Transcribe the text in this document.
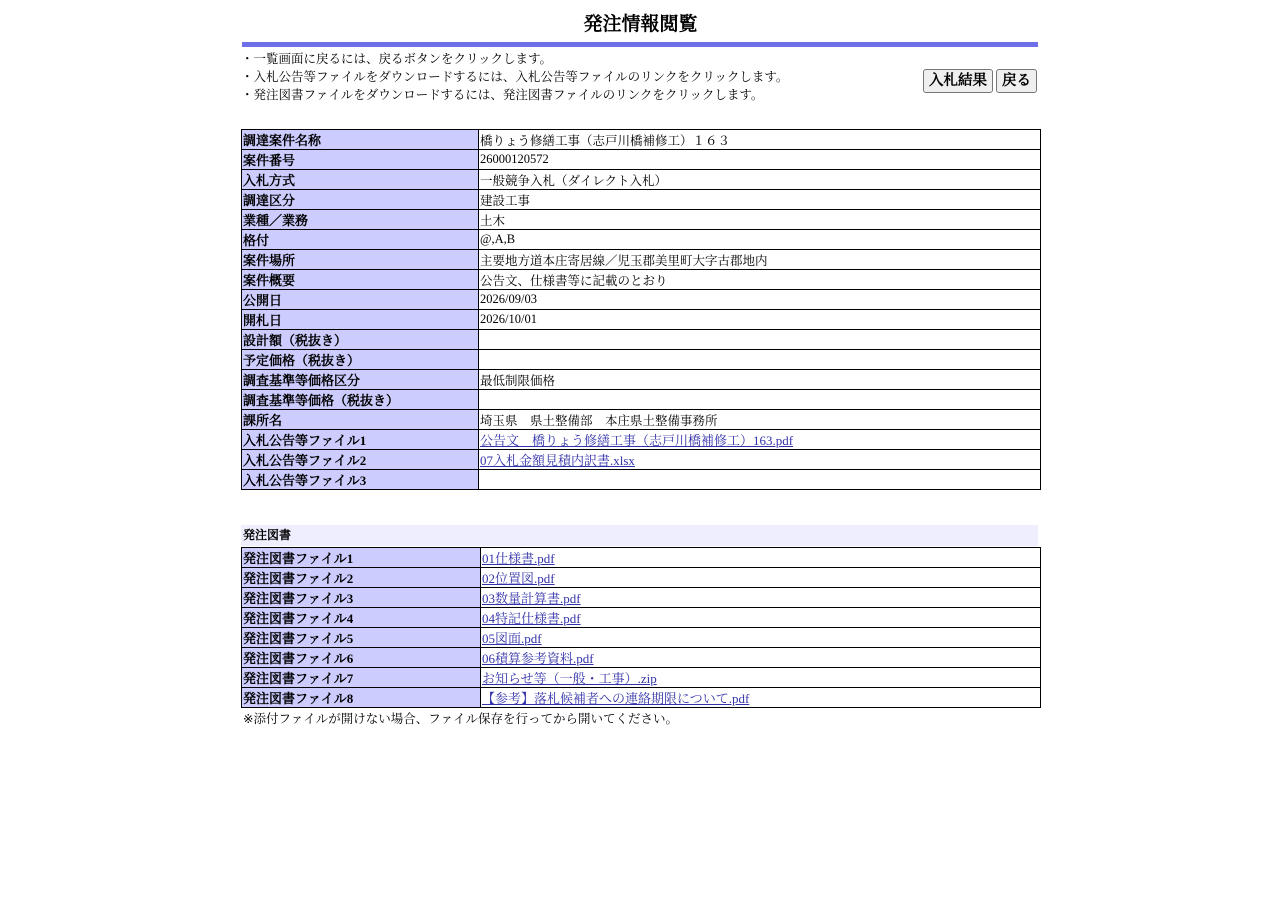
発注情報閲覧
・一覧画面に戻るには、戻るボタンをクリックします。
・入札公告等ファイルをダウンロードするには、入札公告等ファイルのリンクをクリックします。
・発注図書ファイルをダウンロードするには、発注図書ファイルのリンクをクリックします。
入札結果	戻る
調達案件名称	橋りょう修繕工事（志戸川橋補修工）１６３
案件番号	26000120572
入札方式	一般競争入札（ダイレクト入札）
調達区分	建設工事
業種／業務	土木
格付	@,A,B
案件場所	主要地方道本庄寄居線／児玉郡美里町大字古郡地内
案件概要	公告文、仕様書等に記載のとおり
公開日	2026/09/03
開札日	2026/10/01
設計額（税抜き）	
予定価格（税抜き）	
調査基準等価格区分	最低制限価格
調査基準等価格（税抜き）	
課所名	埼玉県　県土整備部　本庄県土整備事務所
入札公告等ファイル1	公告文　橋りょう修繕工事（志戸川橋補修工）163.pdf
入札公告等ファイル2	07入札金額見積内訳書.xlsx
入札公告等ファイル3	
発注図書
発注図書ファイル1	01仕様書.pdf
発注図書ファイル2	02位置図.pdf
発注図書ファイル3	03数量計算書.pdf
発注図書ファイル4	04特記仕様書.pdf
発注図書ファイル5	05図面.pdf
発注図書ファイル6	06積算参考資料.pdf
発注図書ファイル7	お知らせ等（一般・工事）.zip
発注図書ファイル8	【参考】落札候補者への連絡期限について.pdf
※添付ファイルが開けない場合、ファイル保存を行ってから開いてください。
